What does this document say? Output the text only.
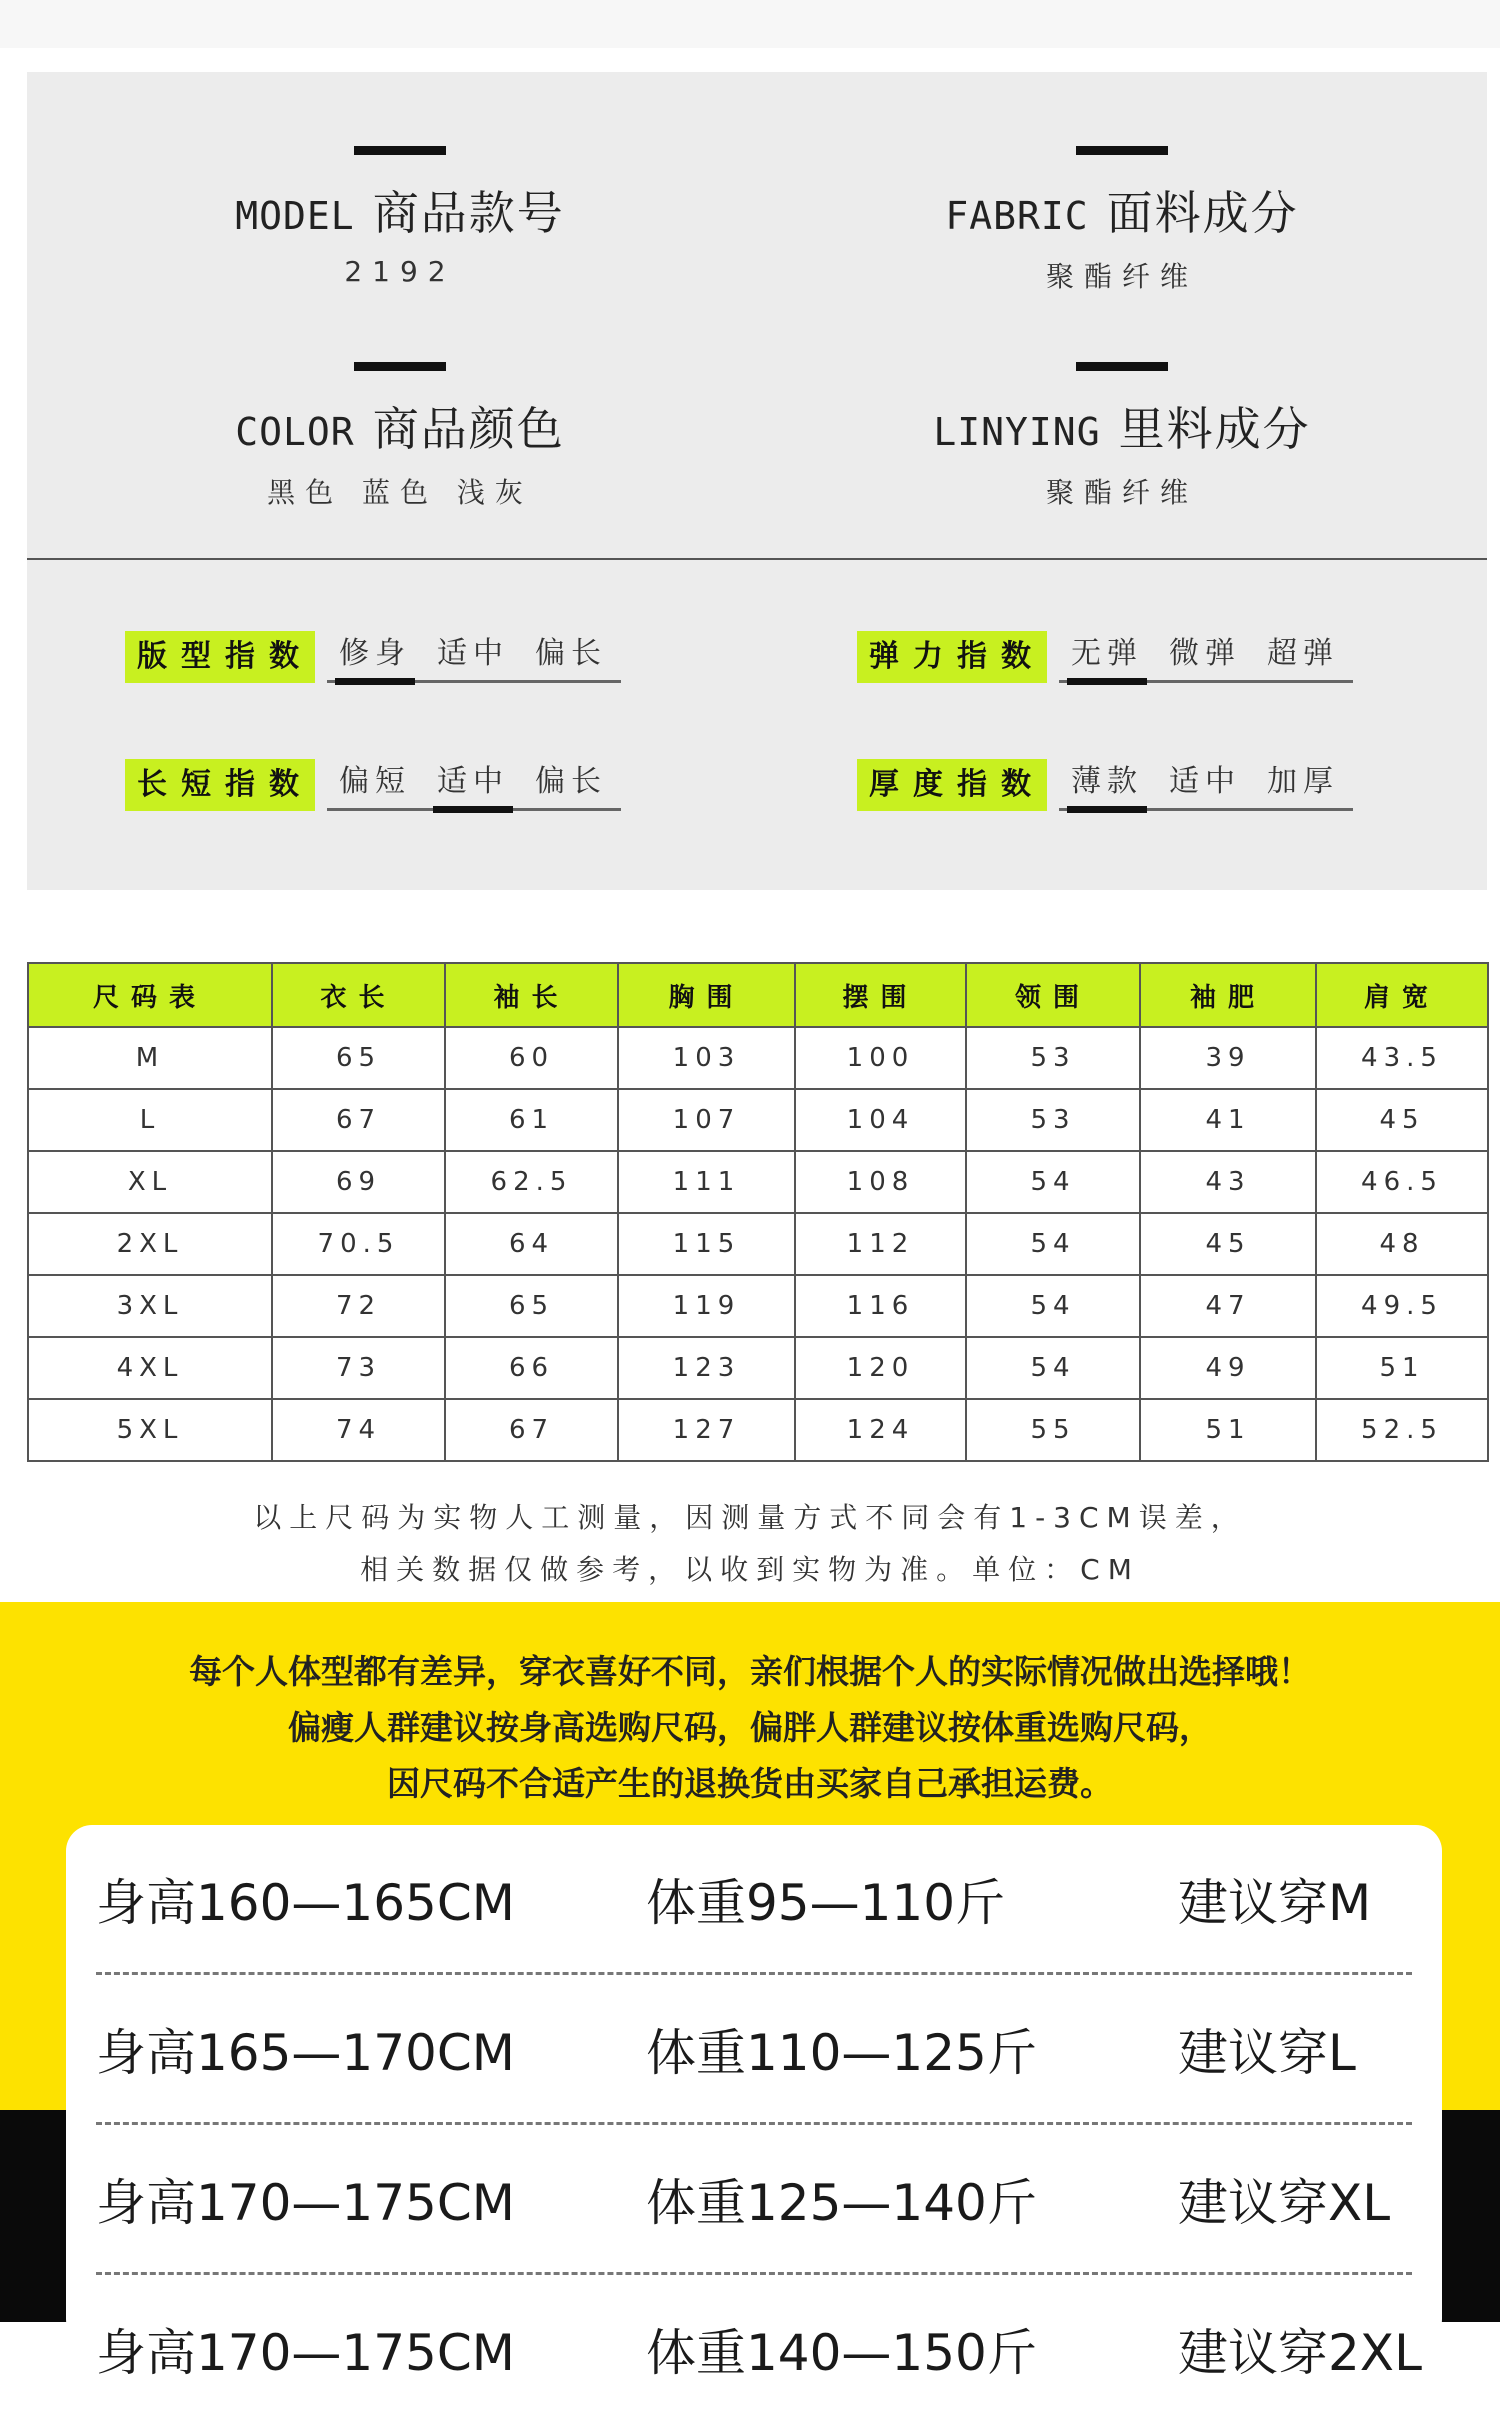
MODEL 商品款号
2192
FABRIC 面料成分
聚酯纤维
COLOR 商品颜色
黑色 蓝色 浅灰
LINYING 里料成分
聚酯纤维
版型指数 修身 适中 偏长	弹力指数 无弹 微弹 超弹
长短指数 偏短 适中 偏长	厚度指数 薄款 适中 加厚
尺码表	衣长	袖长	胸围	摆围	领围	袖肥	肩宽
M	65	60	103	100	53	39	43.5
L	67	61	107	104	53	41	45
XL	69	62.5	111	108	54	43	46.5
2XL	70.5	64	115	112	54	45	48
3XL	72	65	119	116	54	47	49.5
4XL	73	66	123	120	54	49	51
5XL	74	67	127	124	55	51	52.5
以上尺码为实物人工测量，因测量方式不同会有1-3CM误差，
相关数据仅做参考，以收到实物为准。单位：CM
每个人体型都有差异，穿衣喜好不同，亲们根据个人的实际情况做出选择哦！
偏瘦人群建议按身高选购尺码，偏胖人群建议按体重选购尺码，
因尺码不合适产生的退换货由买家自己承担运费。
身高160—165CM	体重95—110斤	建议穿M
身高165—170CM	体重110—125斤	建议穿L
身高170—175CM	体重125—140斤	建议穿XL
身高170—175CM	体重140—150斤	建议穿2XL
